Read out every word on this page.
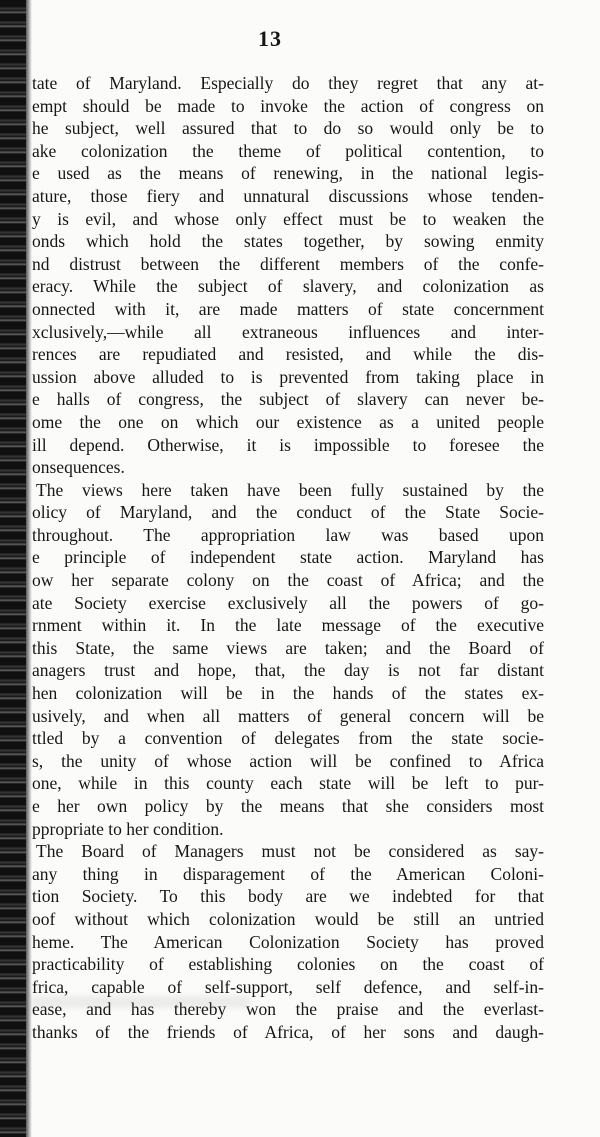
13
tate of Maryland. Especially do they regret that any at-
empt should be made to invoke the action of congress on
he subject, well assured that to do so would only be to
ake colonization the theme of political contention, to
e used as the means of renewing, in the national legis-
ature, those fiery and unnatural discussions whose tenden-
y is evil, and whose only effect must be to weaken the
onds which hold the states together, by sowing enmity
nd distrust between the different members of the confe-
eracy. While the subject of slavery, and colonization as
onnected with it, are made matters of state concernment
xclusively,—while all extraneous influences and inter-
rences are repudiated and resisted, and while the dis-
ussion above alluded to is prevented from taking place in
e halls of congress, the subject of slavery can never be-
ome the one on which our existence as a united people
ill depend. Otherwise, it is impossible to foresee the
onsequences.
The views here taken have been fully sustained by the
olicy of Maryland, and the conduct of the State Socie-
throughout. The appropriation law was based upon
e principle of independent state action. Maryland has
ow her separate colony on the coast of Africa; and the
ate Society exercise exclusively all the powers of go-
rnment within it. In the late message of the executive
this State, the same views are taken; and the Board of
anagers trust and hope, that, the day is not far distant
hen colonization will be in the hands of the states ex-
usively, and when all matters of general concern will be
ttled by a convention of delegates from the state socie-
s, the unity of whose action will be confined to Africa
one, while in this county each state will be left to pur-
e her own policy by the means that she considers most
ppropriate to her condition.
The Board of Managers must not be considered as say-
any thing in disparagement of the American Coloni-
tion Society. To this body are we indebted for that
oof without which colonization would be still an untried
heme. The American Colonization Society has proved
practicability of establishing colonies on the coast of
frica, capable of self-support, self defence, and self-in-
ease, and has thereby won the praise and the everlast-
thanks of the friends of Africa, of her sons and daugh-
